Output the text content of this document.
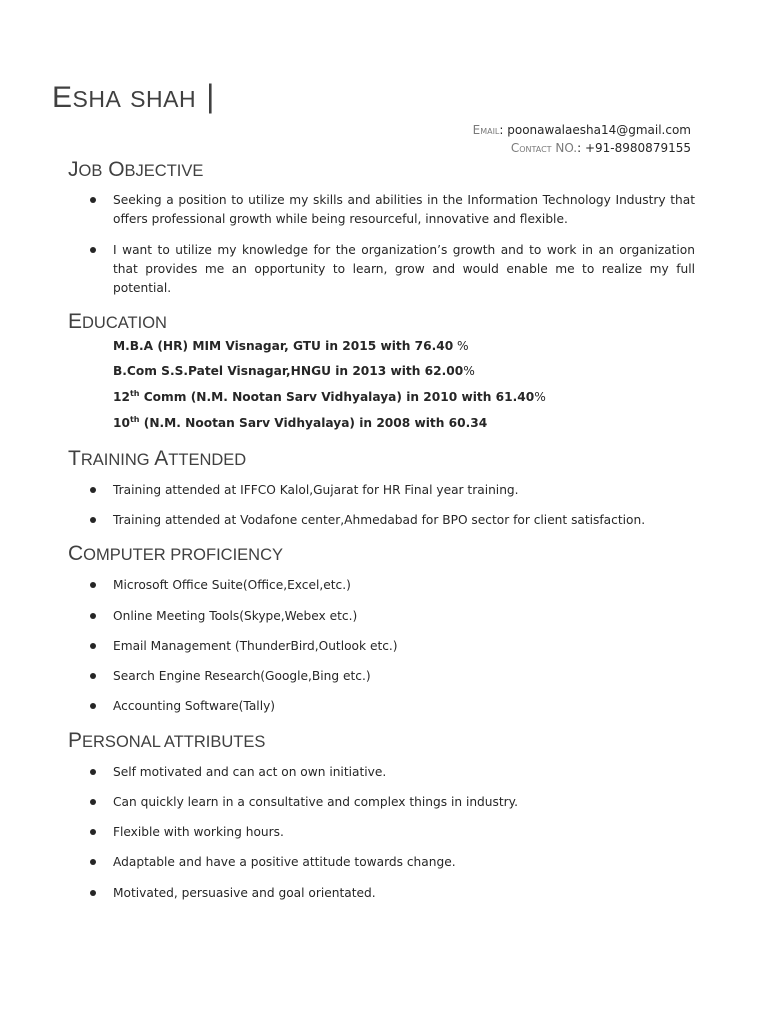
ESHA SHAH |
Email: poonawalaesha14@gmail.com
Contact NO.: +91-8980879155
JOB OBJECTIVE
Seeking a position to utilize my skills and abilities in the Information Technology Industry that offers professional growth while being resourceful, innovative and flexible.
I want to utilize my knowledge for the organization’s growth and to work in an organization that provides me an opportunity to learn, grow and would enable me to realize my full potential.
EDUCATION
M.B.A (HR) MIM Visnagar, GTU in 2015 with 76.40 %
B.Com S.S.Patel Visnagar,HNGU in 2013 with 62.00%
12th Comm (N.M. Nootan Sarv Vidhyalaya) in 2010 with 61.40%
10th (N.M. Nootan Sarv Vidhyalaya) in 2008 with 60.34
TRAINING ATTENDED
Training attended at IFFCO Kalol,Gujarat for HR Final year training.
Training attended at Vodafone center,Ahmedabad for BPO sector for client satisfaction.
COMPUTER PROFICIENCY
Microsoft Office Suite(Office,Excel,etc.)
Online Meeting Tools(Skype,Webex etc.)
Email Management (ThunderBird,Outlook etc.)
Search Engine Research(Google,Bing etc.)
Accounting Software(Tally)
PERSONAL ATTRIBUTES
Self motivated and can act on own initiative.
Can quickly learn in a consultative and complex things in industry.
Flexible with working hours.
Adaptable and have a positive attitude towards change.
Motivated, persuasive and goal orientated.
